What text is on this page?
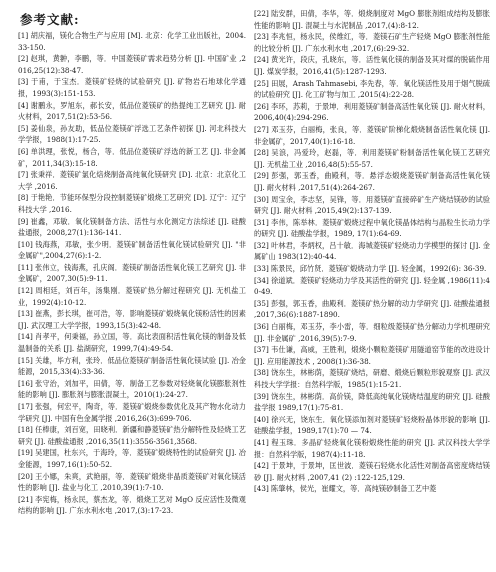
参考文献:

[1] 胡庆福，镁化合物生产与应用 [M]. 北京：化学工业出版社，2004. 33-150.

[2] 赵琪，黄翀，李鹏，等．中国菱镁矿需求趋势分析 [J]. 中国矿业 ,2016,25(12):38-47.

[3] 于甫，于宝杰．菱镁矿轻烧的试验研究 [J]. 矿物岩石地球化学通报，1993(3):151-153.

[4] 谢鹏永，罗旭东，郝长安，低品位菱镁矿的热提纯工艺研究 [J]. 耐火材料，2017,51(2):53-56.

[5] 姜仙泉，孙友助，低品位菱镁矿浮选工艺条件初探 [J]. 河北科技大学学报，1988(1):17-25.

[6] 单洪理，张悦，杨合，等．低品位菱镁矿浮选的新工艺 [J]. 非金属矿，2011,34(3):15-18.

[7] 张秉祥．菱镁矿氯化焙烧制备高纯氧化镁研究 [D]. 北京：北京化工大学 ,2016.

[8] 于艳艳．节能环保型分段控制菱镁矿煅烧工艺研究 [D]. 辽宁：辽宁科技大学 ,2016.

[9] 崔鑫，邓敏．氧化镁制备方法、活性与水化测定方法综述 [J]. 硅酸盐通报，2008,27(1):136-141.

[10] 钱海燕，邓敏，张少明．菱镁矿制备活性氧化镁试验研究 [J]. "非金属矿",2004,27(6):1-2.

[11] 张伟立，钱海燕，孔庆阁．菱镁矿制备活性氧化镁工艺研究 [J]. 非金属矿，2007,30(5):9-11.

[12] 周相廷，刘百年，汤集刚．菱镁矿热分解过程研究 [J]. 无机盐工业，1992(4):10-12.

[13] 崔燕，彭长琪，崔可浩，等．影响菱镁矿煅烧氧化镁粉活性的因素 [J]. 武汉理工大学学报，1993,15(3):42-48.

[14] 肖孝平，何秉福，孙立国，等．高比表面积活性氧化镁的制备及低温制备的关系 [J]. 盐湖研究，1999,7(4):49-54.

[15] 关雄，毕方利，张玲．低品位菱镁矿制备活性氧化镁试验 [J]. 冶金能源，2015,33(4):33-36.

[16] 张守治，刘加平，田倩，等．制备工艺参数对轻烧氧化镁膨胀剂性能的影响 [J]. 膨胀剂与膨胀混凝土，2010(1):24-27.

[17] 张强，何宏平，陶奇，等．菱镁矿煅烧参数优化及其产物水化动力学研究 [J]. 中国有色金属学报 ,2016,26(3):699-706.

[18] 任棒康，刘百宽，田晓利．新疆和静菱镁矿热分解特性及轻烧工艺研究 [J]. 硅酸盐通报 ,2016,35(11):3556-3561,3568.

[19] 吴建国，杜东兴，于海玲，等．菱镁矿煅烧特性的试验研究 [J]. 冶金能源，1997,16(1):50-52.

[20] 王小娜，朱爽，武艳丽，等．菱镁矿煅烧非晶质菱镁矿对氧化镁活性的影响 [J]. 盐业与化工 ,2010,39(1):7-10.

[21] 李宪梅，杨永民，蔡杰龙，等．煅烧工艺对 MgO 反应活性及微观结构的影响 [J]. 广东水利水电 ,2017,(3):17-23.

[22] 陆安群，田倩，李华，等．煅烧制度对 MgO 膨胀剂组成结构及膨胀性能的影响 [J]. 混凝土与水泥制品 ,2017,(4):8-12.

[23] 李兆恒，杨永民，侯维红，等．菱镁石矿生产轻烧 MgO 膨胀剂性能的比较分析 [J]. 广东水利水电 ,2017,(6):29-32.

[24] 黄光许，段庆，孔晓东，等．活性氧化镁的制备及其对煤的脱硫作用 [J]. 煤炭学报，2016,41(5):1287-1293.

[25] 田展，Arash Tahmasebi, 李先春，等．氧化镁活性及用于烟气脱硫的试验研究 [J]. 化工矿物与加工 ,2015(4):22-28.

[26] 李环，苏莉，于景坤．利用菱镁矿制备高活性氧化镁 [J]. 耐火材料，2006,40(4):294-296.

[27] 邓玉芬，白丽梅，张良，等．菱镁矿阶梯化煅烧制备活性氧化镁 [J]. 非金属矿，2017,40(1):16-18.

[28] 吴浪，冯爱玲，赵磊，等．利用菱镁矿粉制备活性氧化镁工艺研究 [J]. 无机盐工业 ,2016,48(5):55-57.

[29] 彭强，郭玉香，曲殿利，等．悬浮态煅烧菱镁矿制备高活性氧化镁 [J]. 耐火材料 ,2017,51(4):264-267.

[30] 周宝余，李志坚，吴锋，等．用菱镁矿直接碎矿生产烧结镁砂的试验研究 [J]. 耐火材料 ,2015,49(2):137-139.

[31] 李伟，陈举林．菱镁矿煅烧过程中氧化镁晶体结构与晶粒生长动力学的研究 [J]. 硅酸盐学报，1989, 17(1):64-69.

[32] 叶林君，李炳权，吕十敏．海城菱镁矿轻烧动力学模型的探讨 [J]. 金属矿山 1983(12):40-44.

[33] 陈景民，邱竹贤．菱镁矿煅烧动力学 [J]. 轻金属，1992(6): 36-39.

[34] 徐道斌．菱镁矿轻烧动力学及其活性的研究 [J]. 轻金属 ,1986(11):40-49.

[35] 彭强，郭玉香，曲殿利．菱镁矿热分解的动力学研究 [J]. 硅酸盐通报 ,2017,36(6):1887-1890.

[36] 白丽梅，邓玉芬，李小雷，等．细粒级菱镁矿热分解动力学机理研究 [J]. 非金属矿 ,2016,39(5):7-9.

[37] 韦仕谦，高威，王胜利，煅烧小颗粒菱镁矿用隧道窑节能的改进设计 [J]. 应用能源技术 , 2008(1):36-38.

[38] 饶东生，林彬荫，菱镁矿烧结，研磨、煅烧后颗粒形貌观察 [J]. 武汉科技大学学报：自然科学版，1985(1):15-21.

[39] 饶东生，林彬荫．高价镁，降低高纯氧化镁烧结温度的研究 [J]. 硅酸盐学报 1989,17(1):75-81.

[40] 徐兴无，饶东生．氧化镁添加剂对菱镁矿轻烧粉晶体形貌的影响 [J]. 硅酸盐学报，1989,17(1):70 — 74.

[41] 程玉珠．多晶矿轻烧氧化镁粉煅烧性能的研究 [J]. 武汉科技大学学报：自然科学版，1987(4):11-18.

[42] 于景坤，于景坤，匡世波．菱镁石轻烧水化活性对制备高密度烧结镁砂 [J]. 耐火材料 ,2007,41 (2) :122-125,129.

[43] 陈肇林，侯光，崔耀文，等．高纯镁砂制备工艺中菱
